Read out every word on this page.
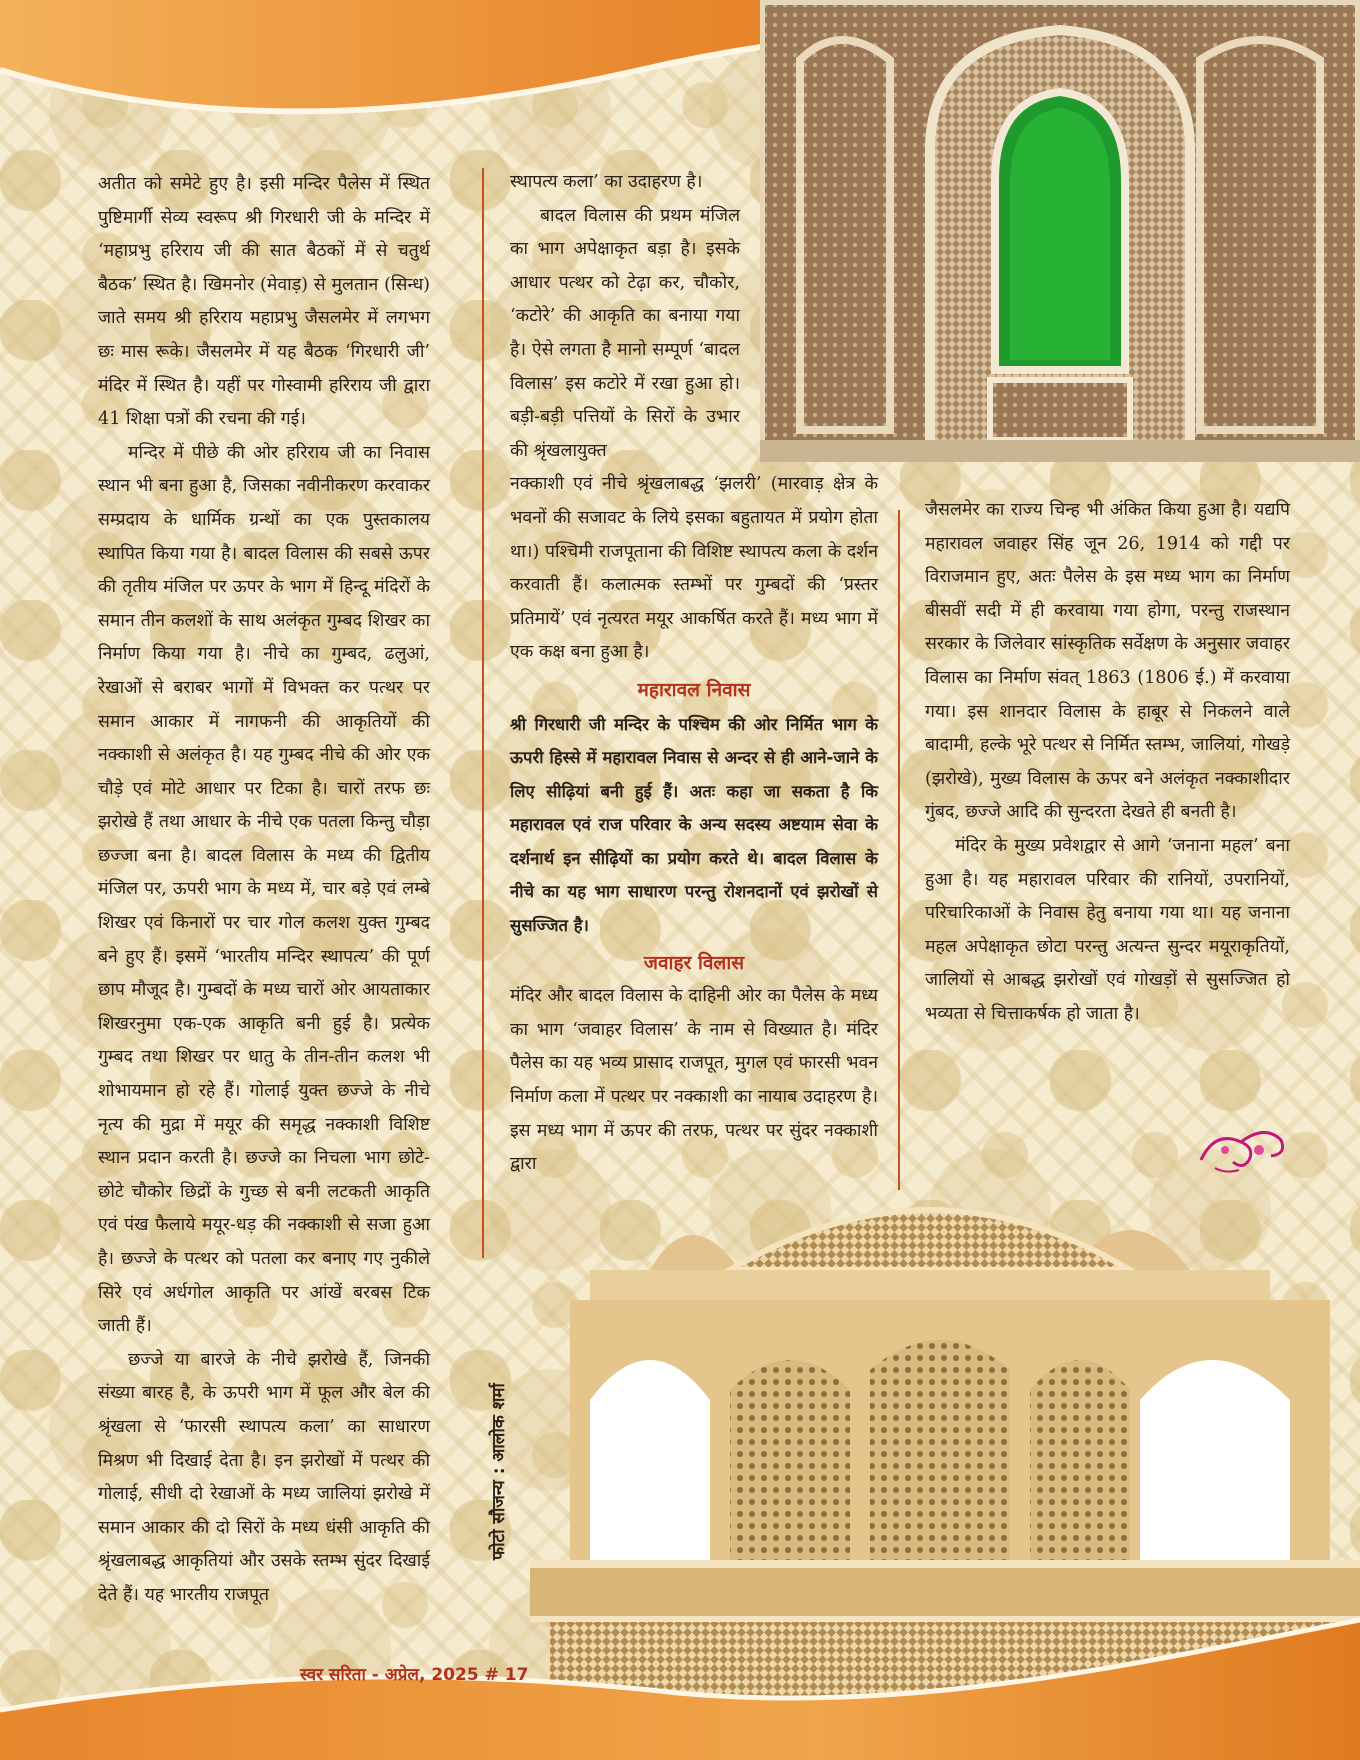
अतीत को समेटे हुए है। इसी मन्दिर पैलेस में स्थित पुष्टिमार्गी सेव्य स्वरूप श्री गिरधारी जी के मन्दिर में ‘महाप्रभु हरिराय जी की सात बैठकों में से चतुर्थ बैठक’ स्थित है। खिमनोर (मेवाड़) से मुलतान (सिन्ध) जाते समय श्री हरिराय महाप्रभु जैसलमेर में लगभग छः मास रूके। जैसलमेर में यह बैठक ‘गिरधारी जी’ मंदिर में स्थित है। यहीं पर गोस्वामी हरिराय जी द्वारा 41 शिक्षा पत्रों की रचना की गई।

मन्दिर में पीछे की ओर हरिराय जी का निवास स्थान भी बना हुआ है, जिसका नवीनीकरण करवाकर सम्प्रदाय के धार्मिक ग्रन्थों का एक पुस्तकालय स्थापित किया गया है। बादल विलास की सबसे ऊपर की तृतीय मंजिल पर ऊपर के भाग में हिन्दू मंदिरों के समान तीन कलशों के साथ अलंकृत गुम्बद शिखर का निर्माण किया गया है। नीचे का गुम्बद, ढलुआं, रेखाओं से बराबर भागों में विभक्त कर पत्थर पर समान आकार में नागफनी की आकृतियों की नक्काशी से अलंकृत है। यह गुम्बद नीचे की ओर एक चौड़े एवं मोटे आधार पर टिका है। चारों तरफ छः झरोखे हैं तथा आधार के नीचे एक पतला किन्तु चौड़ा छज्जा बना है। बादल विलास के मध्य की द्वितीय मंजिल पर, ऊपरी भाग के मध्य में, चार बड़े एवं लम्बे शिखर एवं किनारों पर चार गोल कलश युक्त गुम्बद बने हुए हैं। इसमें ‘भारतीय मन्दिर स्थापत्य’ की पूर्ण छाप मौजूद है। गुम्बदों के मध्य चारों ओर आयताकार शिखरनुमा एक-एक आकृति बनी हुई है। प्रत्येक गुम्बद तथा शिखर पर धातु के तीन-तीन कलश भी शोभायमान हो रहे हैं। गोलाई युक्त छज्जे के नीचे नृत्य की मुद्रा में मयूर की समृद्ध नक्काशी विशिष्ट स्थान प्रदान करती है। छज्जे का निचला भाग छोटे-छोटे चौकोर छिद्रों के गुच्छ से बनी लटकती आकृति एवं पंख फैलाये मयूर-धड़ की नक्काशी से सजा हुआ है। छज्जे के पत्थर को पतला कर बनाए गए नुकीले सिरे एवं अर्धगोल आकृति पर आंखें बरबस टिक जाती हैं।

छज्जे या बारजे के नीचे झरोखे हैं, जिनकी संख्या बारह है, के ऊपरी भाग में फूल और बेल की श्रृंखला से ‘फारसी स्थापत्य कला’ का साधारण मिश्रण भी दिखाई देता है। इन झरोखों में पत्थर की गोलाई, सीधी दो रेखाओं के मध्य जालियां झरोखे में समान आकार की दो सिरों के मध्य धंसी आकृति की श्रृंखलाबद्ध आकृतियां और उसके स्तम्भ सुंदर दिखाई देते हैं। यह भारतीय राजपूत

स्थापत्य कला’ का उदाहरण है।

बादल विलास की प्रथम मंजिल का भाग अपेक्षाकृत बड़ा है। इसके आधार पत्थर को टेढ़ा कर, चौकोर, ‘कटोरे’ की आकृति का बनाया गया है। ऐसे लगता है मानो सम्पूर्ण ‘बादल विलास’ इस कटोरे में रखा हुआ हो। बड़ी-बड़ी पत्तियों के सिरों के उभार की श्रृंखलायुक्त

नक्काशी एवं नीचे श्रृंखलाबद्ध ‘झलरी’ (मारवाड़ क्षेत्र के भवनों की सजावट के लिये इसका बहुतायत में प्रयोग होता था।) पश्चिमी राजपूताना की विशिष्ट स्थापत्य कला के दर्शन करवाती हैं। कलात्मक स्तम्भों पर गुम्बदों की ‘प्रस्तर प्रतिमायें’ एवं नृत्यरत मयूर आकर्षित करते हैं। मध्य भाग में एक कक्ष बना हुआ है।

महारावल निवास

श्री गिरधारी जी मन्दिर के पश्चिम की ओर निर्मित भाग के ऊपरी हिस्से में महारावल निवास से अन्दर से ही आने-जाने के लिए सीढ़ियां बनी हुई हैं। अतः कहा जा सकता है कि महारावल एवं राज परिवार के अन्य सदस्य अष्टयाम सेवा के दर्शनार्थ इन सीढ़ियों का प्रयोग करते थे। बादल विलास के नीचे का यह भाग साधारण परन्तु रोशनदानों एवं झरोखों से सुसज्जित है।

जवाहर विलास

मंदिर और बादल विलास के दाहिनी ओर का पैलेस के मध्य का भाग ‘जवाहर विलास’ के नाम से विख्यात है। मंदिर पैलेस का यह भव्य प्रासाद राजपूत, मुगल एवं फारसी भवन निर्माण कला में पत्थर पर नक्काशी का नायाब उदाहरण है। इस मध्य भाग में ऊपर की तरफ, पत्थर पर सुंदर नक्काशी द्वारा

जैसलमेर का राज्य चिन्ह भी अंकित किया हुआ है। यद्यपि महारावल जवाहर सिंह जून 26, 1914 को गद्दी पर विराजमान हुए, अतः पैलेस के इस मध्य भाग का निर्माण बीसवीं सदी में ही करवाया गया होगा, परन्तु राजस्थान सरकार के जिलेवार सांस्कृतिक सर्वेक्षण के अनुसार जवाहर विलास का निर्माण संवत् 1863 (1806 ई.) में करवाया गया। इस शानदार विलास के हाबूर से निकलने वाले बादामी, हल्के भूरे पत्थर से निर्मित स्तम्भ, जालियां, गोखड़े (झरोखे), मुख्य विलास के ऊपर बने अलंकृत नक्काशीदार गुंबद, छज्जे आदि की सुन्दरता देखते ही बनती है।

मंदिर के मुख्य प्रवेशद्वार से आगे ‘जनाना महल’ बना हुआ है। यह महारावल परिवार की रानियों, उपरानियों, परिचारिकाओं के निवास हेतु बनाया गया था। यह जनाना महल अपेक्षाकृत छोटा परन्तु अत्यन्त सुन्दर मयूराकृतियों, जालियों से आबद्ध झरोखों एवं गोखड़ों से सुसज्जित हो भव्यता से चित्ताकर्षक हो जाता है।

फोटो सौजन्य : आलोक शर्मा
स्वर सरिता - अप्रेल, 2025 # 17
